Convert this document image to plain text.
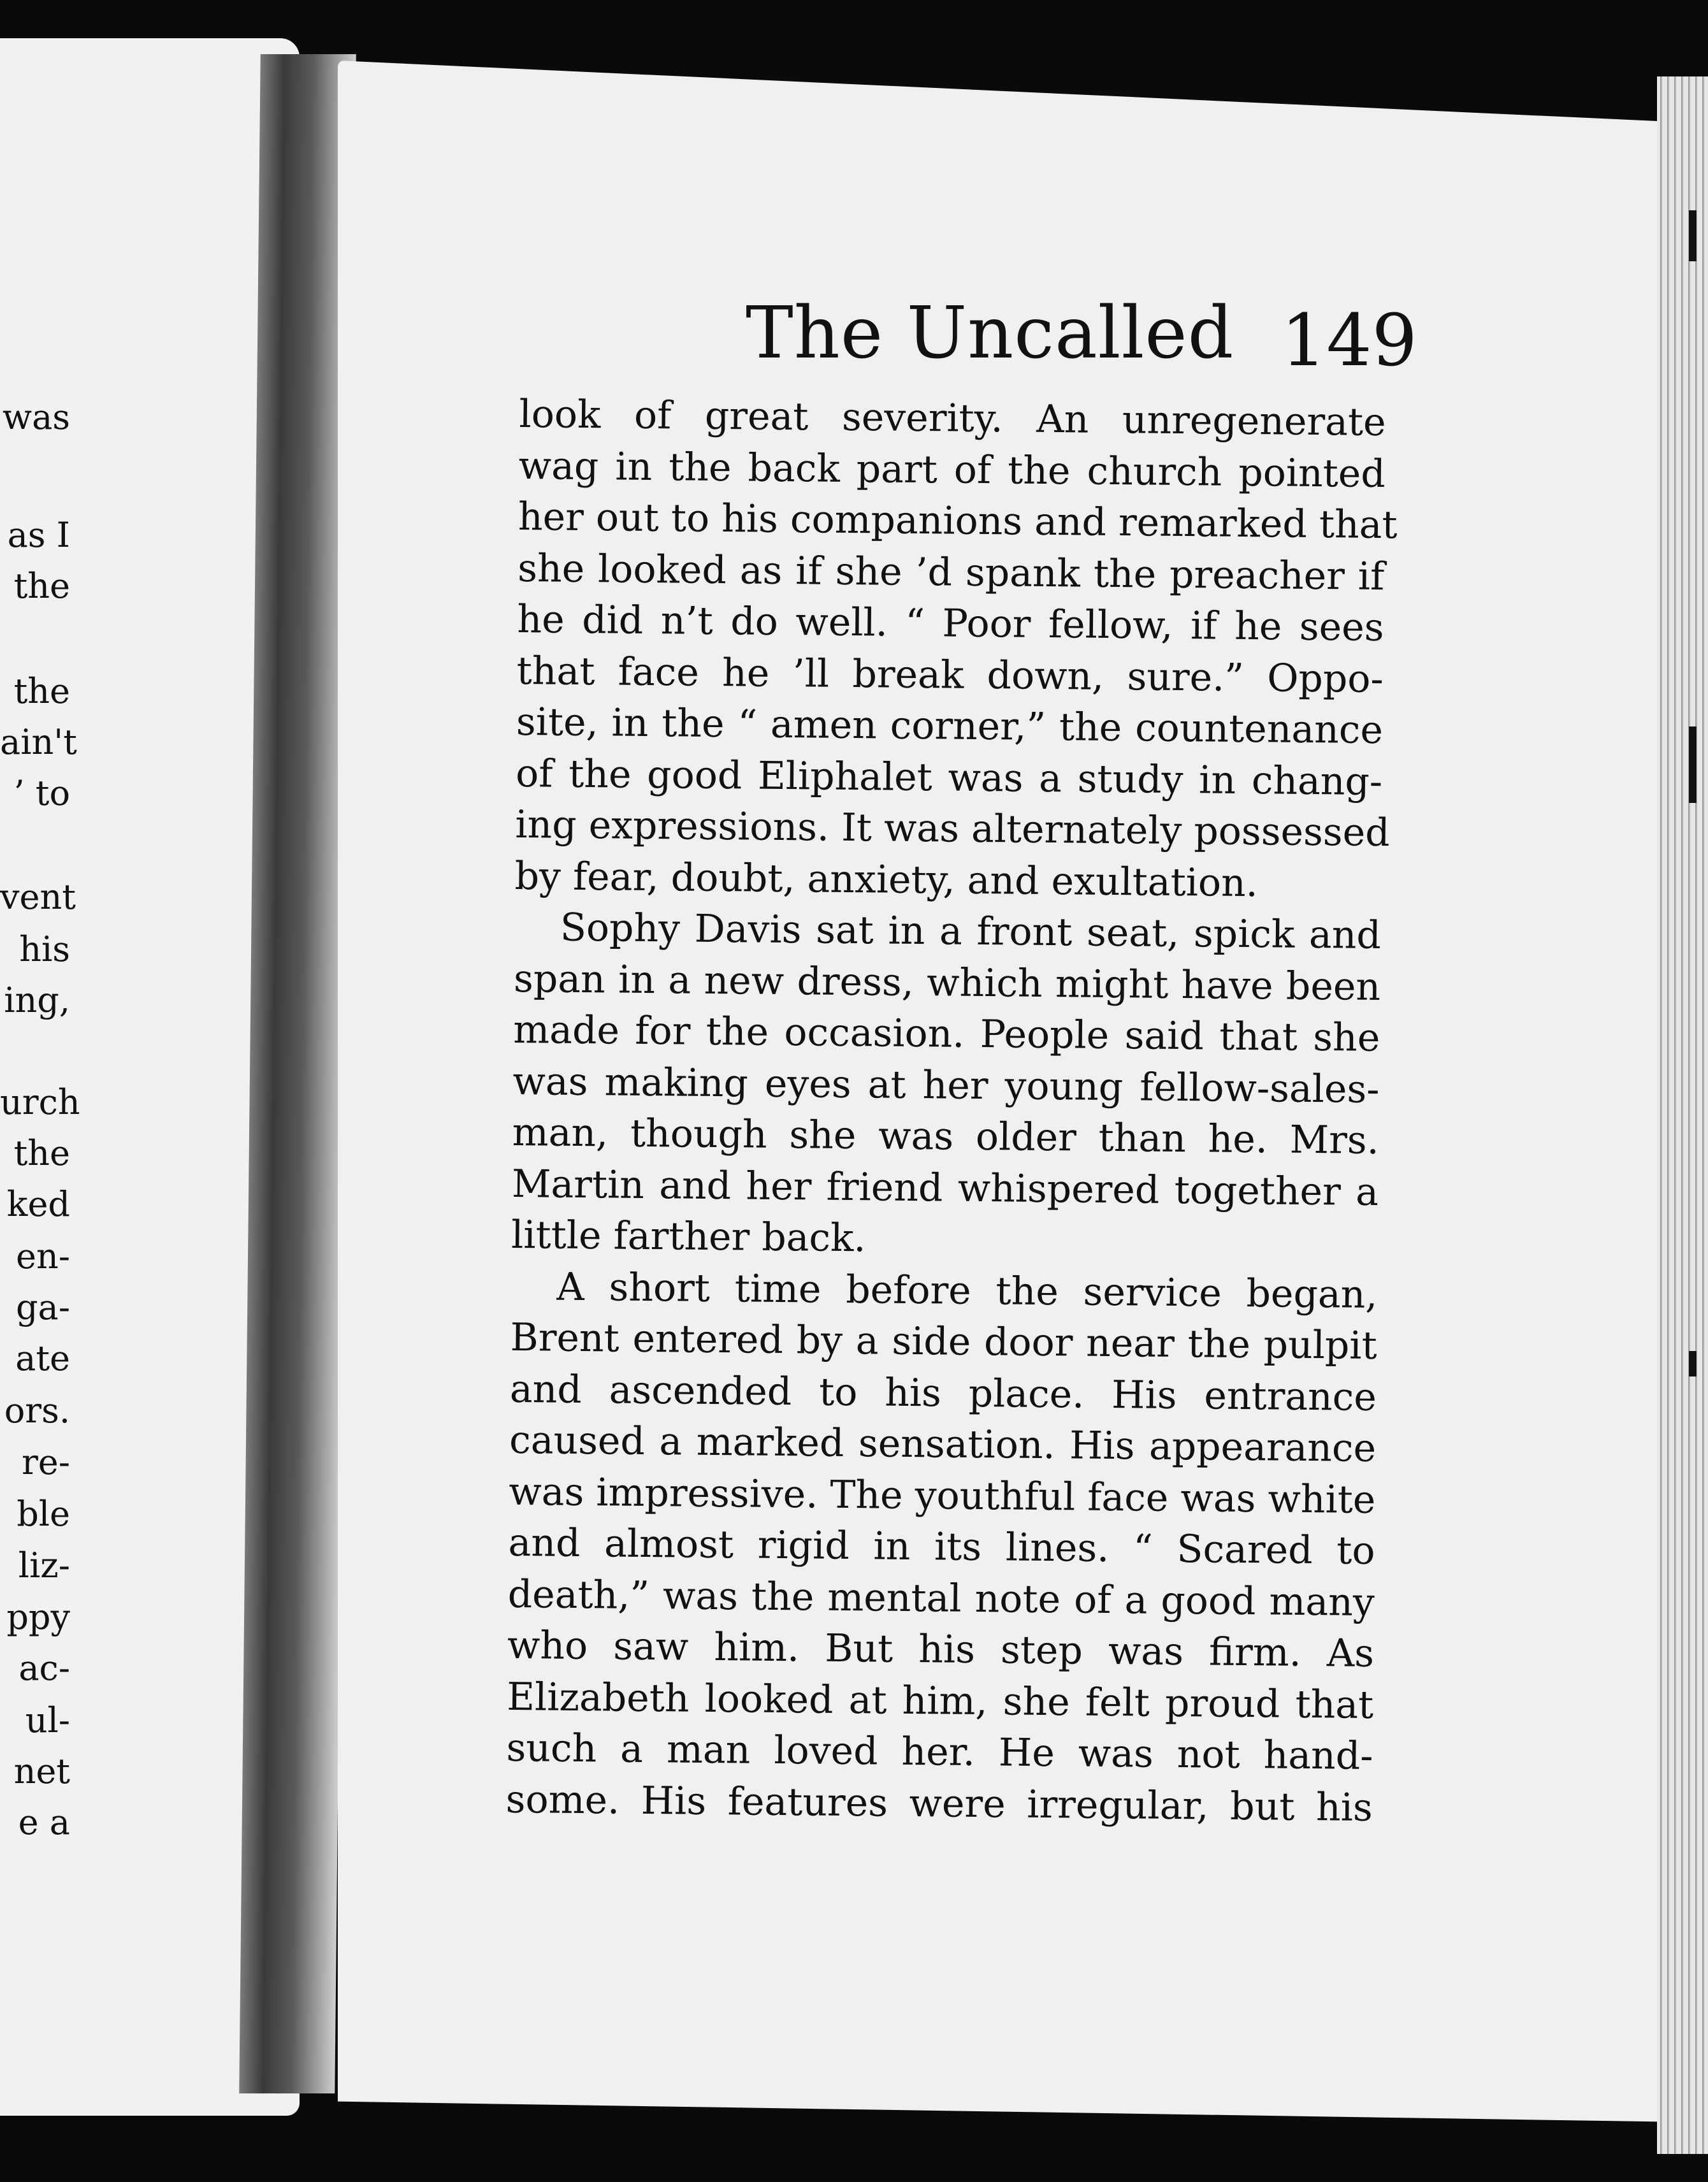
was
as I
the
the
ain't
’ to
vent
his
ing,
urch
the
ked
en-
ga-
ate
ors.
re-
ble
liz-
ppy
ac-
ul-
net
e a
The Uncalled 149
look of great severity. An unregenerate
wag in the back part of the church pointed
her out to his companions and remarked that
she looked as if she ’d spank the preacher if
he did n’t do well. “ Poor fellow, if he sees
that face he ’ll break down, sure.” Oppo-
site, in the “ amen corner,” the countenance
of the good Eliphalet was a study in chang-
ing expressions. It was alternately possessed
by fear, doubt, anxiety, and exultation.
Sophy Davis sat in a front seat, spick and
span in a new dress, which might have been
made for the occasion. People said that she
was making eyes at her young fellow-sales-
man, though she was older than he. Mrs.
Martin and her friend whispered together a
little farther back.
A short time before the service began,
Brent entered by a side door near the pulpit
and ascended to his place. His entrance
caused a marked sensation. His appearance
was impressive. The youthful face was white
and almost rigid in its lines. “ Scared to
death,” was the mental note of a good many
who saw him. But his step was firm. As
Elizabeth looked at him, she felt proud that
such a man loved her. He was not hand-
some. His features were irregular, but his
